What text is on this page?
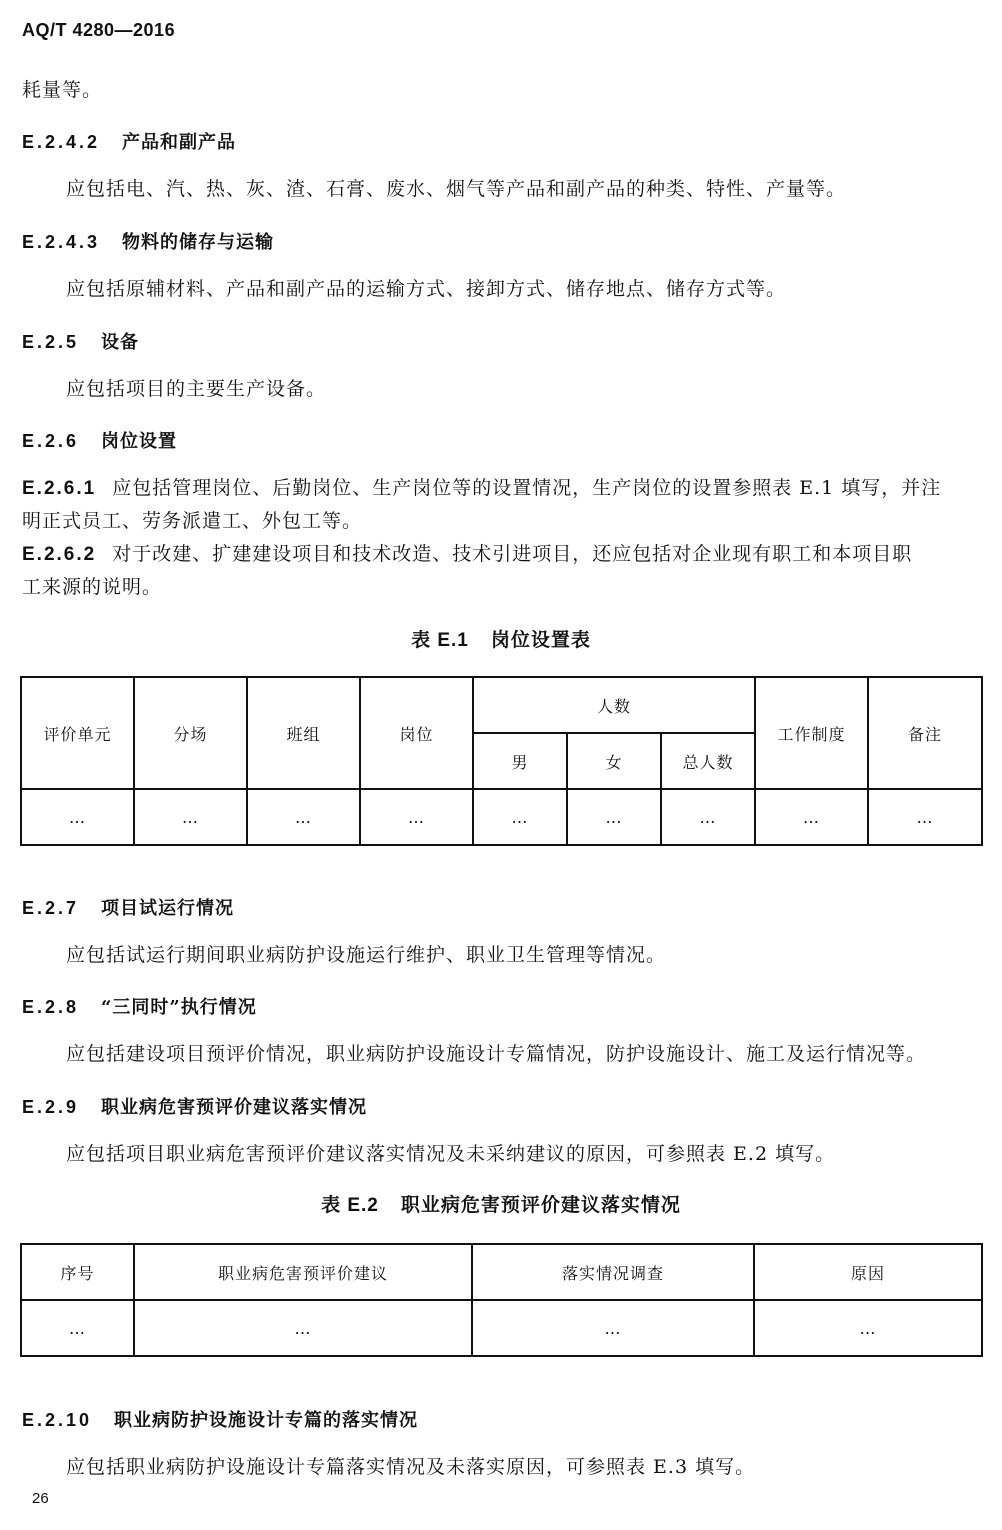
AQ/T 4280—2016
耗量等。
E.2.4.2 产品和副产品
应包括电、汽、热、灰、渣、石膏、废水、烟气等产品和副产品的种类、特性、产量等。
E.2.4.3 物料的储存与运输
应包括原辅材料、产品和副产品的运输方式、接卸方式、储存地点、储存方式等。
E.2.5 设备
应包括项目的主要生产设备。
E.2.6 岗位设置
E.2.6.1 应包括管理岗位、后勤岗位、生产岗位等的设置情况，生产岗位的设置参照表 E.1 填写，并注
明正式员工、劳务派遣工、外包工等。
E.2.6.2 对于改建、扩建建设项目和技术改造、技术引进项目，还应包括对企业现有职工和本项目职
工来源的说明。
表 E.1 岗位设置表
评价单元	分场	班组	岗位	人数			工作制度	备注
				男	女	总人数		
…	…	…	…	…	…	…	…	…
E.2.7 项目试运行情况
应包括试运行期间职业病防护设施运行维护、职业卫生管理等情况。
E.2.8 “三同时”执行情况
应包括建设项目预评价情况，职业病防护设施设计专篇情况，防护设施设计、施工及运行情况等。
E.2.9 职业病危害预评价建议落实情况
应包括项目职业病危害预评价建议落实情况及未采纳建议的原因，可参照表 E.2 填写。
表 E.2 职业病危害预评价建议落实情况
序号	职业病危害预评价建议	落实情况调查	原因
…	…	…	…
E.2.10 职业病防护设施设计专篇的落实情况
应包括职业病防护设施设计专篇落实情况及未落实原因，可参照表 E.3 填写。
26
